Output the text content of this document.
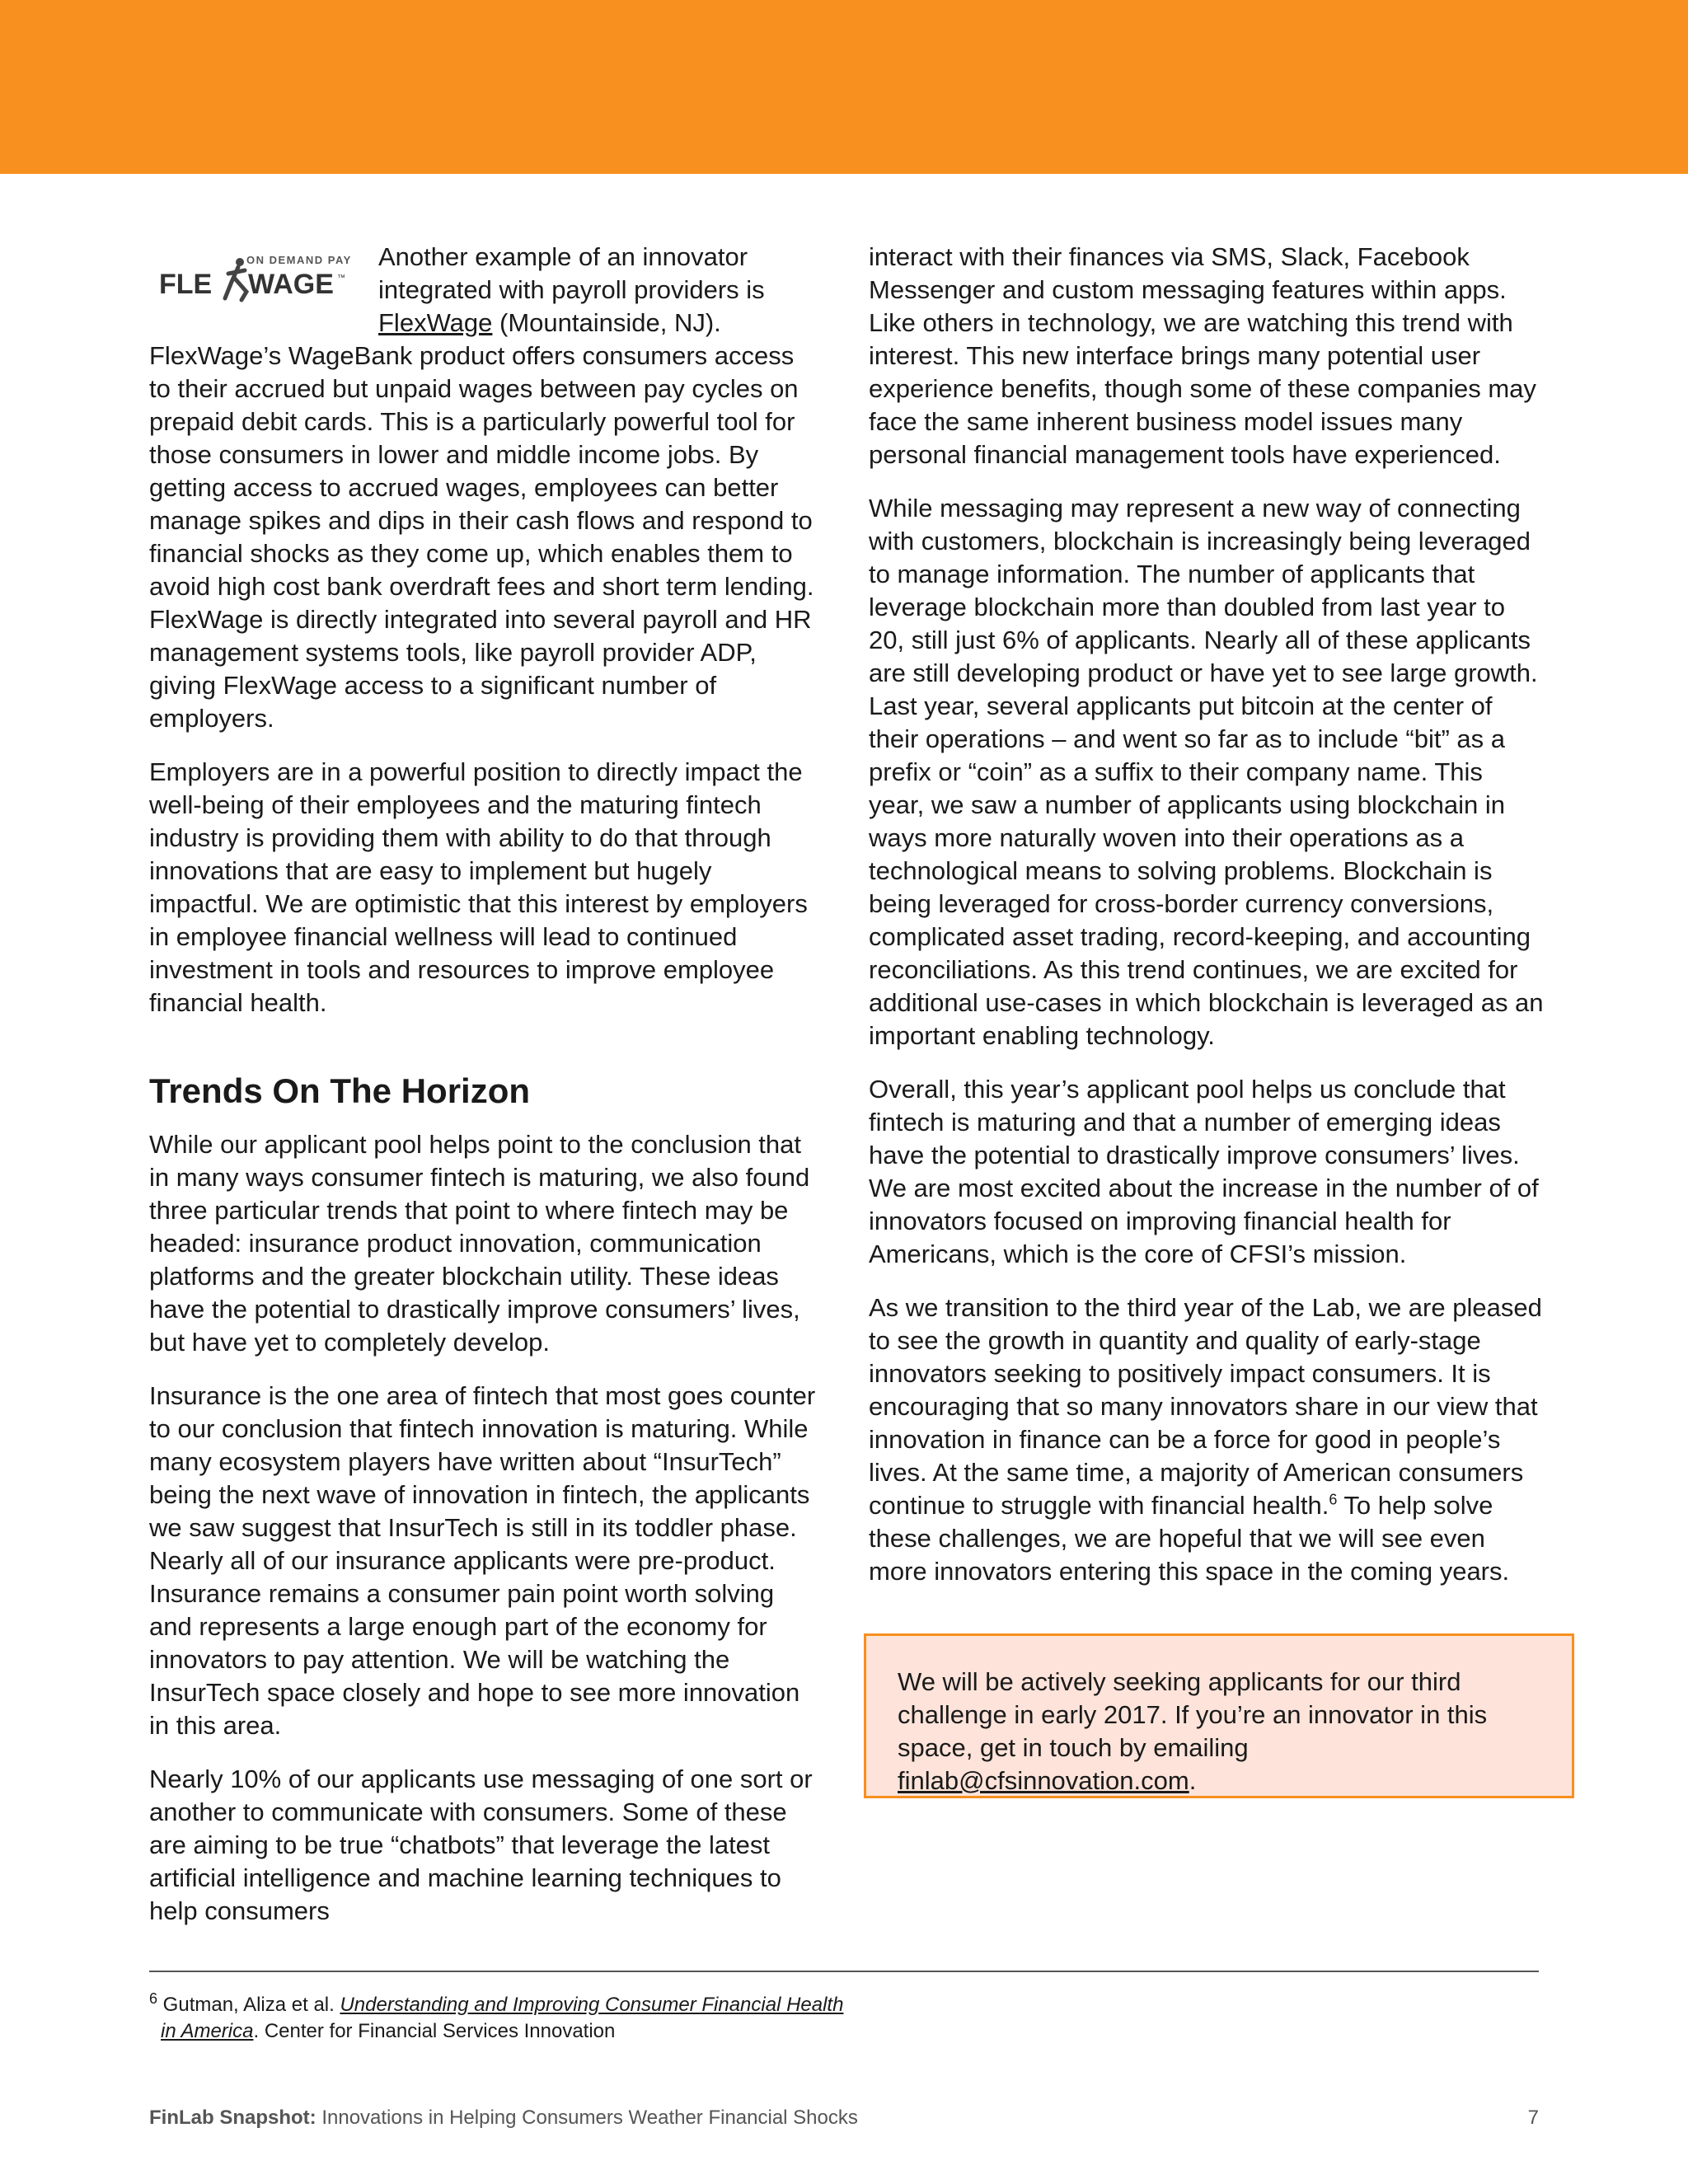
ON DEMAND PAY
FLE WAGE ™

Another example of an innovator integrated with payroll providers is FlexWage (Mountainside, NJ). FlexWage’s WageBank product offers consumers access to their accrued but unpaid wages between pay cycles on prepaid debit cards. This is a particularly powerful tool for those consumers in lower and middle income jobs. By getting access to accrued wages, employees can better manage spikes and dips in their cash flows and respond to financial shocks as they come up, which enables them to avoid high cost bank overdraft fees and short term lending. FlexWage is directly integrated into several payroll and HR management systems tools, like payroll provider ADP, giving FlexWage access to a significant number of employers.

Employers are in a powerful position to directly impact the well-being of their employees and the maturing fintech industry is providing them with ability to do that through innovations that are easy to implement but hugely impactful. We are optimistic that this interest by employers in employee financial wellness will lead to continued investment in tools and resources to improve employee financial health.

Trends On The Horizon

While our applicant pool helps point to the conclusion that in many ways consumer fintech is maturing, we also found three particular trends that point to where fintech may be headed: insurance product innovation, communication platforms and the greater blockchain utility. These ideas have the potential to drastically improve consumers’ lives, but have yet to completely develop.

Insurance is the one area of fintech that most goes counter to our conclusion that fintech innovation is maturing. While many ecosystem players have written about “InsurTech” being the next wave of innovation in fintech, the applicants we saw suggest that InsurTech is still in its toddler phase. Nearly all of our insurance applicants were pre-product. Insurance remains a consumer pain point worth solving and represents a large enough part of the economy for innovators to pay attention. We will be watching the InsurTech space closely and hope to see more innovation in this area.

Nearly 10% of our applicants use messaging of one sort or another to communicate with consumers. Some of these are aiming to be true “chatbots” that leverage the latest artificial intelligence and machine learning techniques to help consumers

interact with their finances via SMS, Slack, Facebook Messenger and custom messaging features within apps. Like others in technology, we are watching this trend with interest. This new interface brings many potential user experience benefits, though some of these companies may face the same inherent business model issues many personal financial management tools have experienced.

While messaging may represent a new way of connecting with customers, blockchain is increasingly being leveraged to manage information. The number of applicants that leverage blockchain more than doubled from last year to 20, still just 6% of applicants. Nearly all of these applicants are still developing product or have yet to see large growth. Last year, several applicants put bitcoin at the center of their operations – and went so far as to include “bit” as a prefix or “coin” as a suffix to their company name. This year, we saw a number of applicants using blockchain in ways more naturally woven into their operations as a technological means to solving problems. Blockchain is being leveraged for cross-border currency conversions, complicated asset trading, record-keeping, and accounting reconciliations. As this trend continues, we are excited for additional use-cases in which blockchain is leveraged as an important enabling technology.

Overall, this year’s applicant pool helps us conclude that fintech is maturing and that a number of emerging ideas have the potential to drastically improve consumers’ lives. We are most excited about the increase in the number of of innovators focused on improving financial health for Americans, which is the core of CFSI’s mission.

As we transition to the third year of the Lab, we are pleased to see the growth in quantity and quality of early-stage innovators seeking to positively impact consumers. It is encouraging that so many innovators share in our view that innovation in finance can be a force for good in people’s lives. At the same time, a majority of American consumers continue to struggle with financial health.$^6$ To help solve these challenges, we are hopeful that we will see even more innovators entering this space in the coming years.

We will be actively seeking applicants for our third challenge in early 2017. If you’re an innovator in this space, get in touch by emailing finlab@cfsinnovation.com.
$^6$ Gutman, Aliza et al. Understanding and Improving Consumer Financial Health
in America. Center for Financial Services Innovation
FinLab Snapshot: Innovations in Helping Consumers Weather Financial Shocks	7
